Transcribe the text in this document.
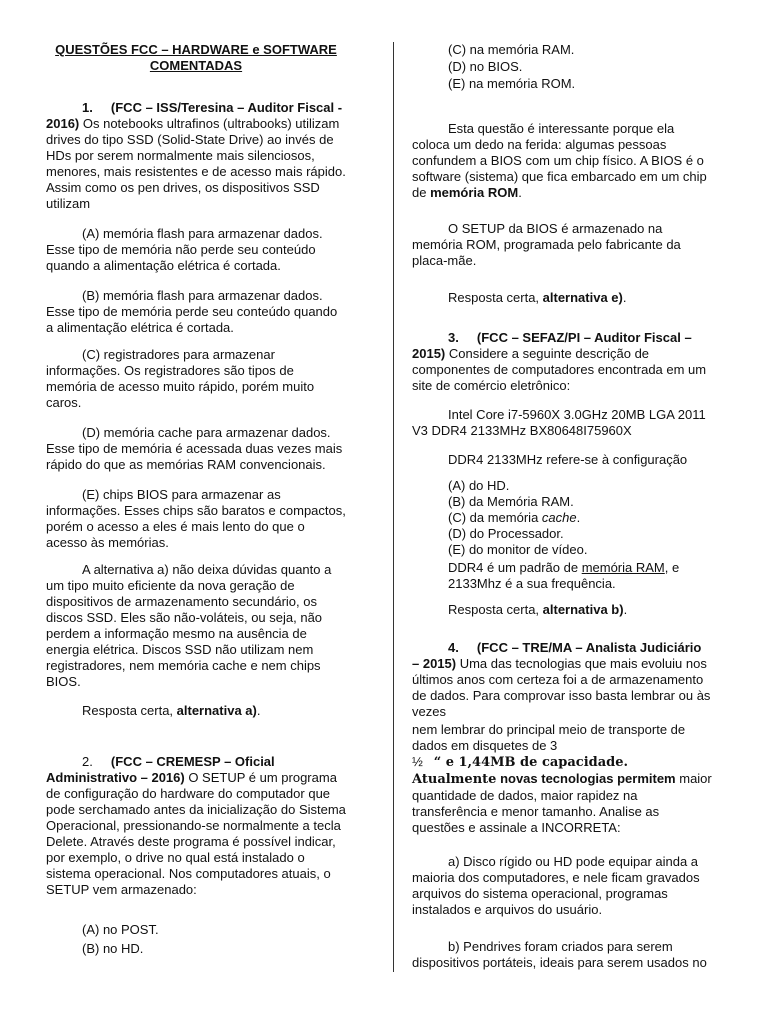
QUESTÕES FCC – HARDWARE e SOFTWARE
COMENTADAS

1. (FCC – ISS/Teresina – Auditor Fiscal - 2016) Os notebooks ultrafinos (ultrabooks) utilizam drives do tipo SSD (Solid-State Drive) ao invés de HDs por serem normalmente mais silenciosos, menores, mais resistentes e de acesso mais rápido. Assim como os pen drives, os dispositivos SSD utilizam

(A) memória flash para armazenar dados. Esse tipo de memória não perde seu conteúdo quando a alimentação elétrica é cortada.

(B) memória flash para armazenar dados. Esse tipo de memória perde seu conteúdo quando a alimentação elétrica é cortada.

(C) registradores para armazenar informações. Os registradores são tipos de memória de acesso muito rápido, porém muito caros.

(D) memória cache para armazenar dados. Esse tipo de memória é acessada duas vezes mais rápido do que as memórias RAM convencionais.

(E) chips BIOS para armazenar as informações. Esses chips são baratos e compactos, porém o acesso a eles é mais lento do que o acesso às memórias.

A alternativa a) não deixa dúvidas quanto a um tipo muito eficiente da nova geração de dispositivos de armazenamento secundário, os discos SSD. Eles são não-voláteis, ou seja, não perdem a informação mesmo na ausência de energia elétrica. Discos SSD não utilizam nem registradores, nem memória cache e nem chips BIOS.

Resposta certa, alternativa a).

2. (FCC – CREMESP – Oficial Administrativo – 2016) O SETUP é um programa de configuração do hardware do computador que pode serchamado antes da inicialização do Sistema Operacional, pressionando-se normalmente a tecla Delete. Através deste programa é possível indicar, por exemplo, o drive no qual está instalado o sistema operacional. Nos computadores atuais, o SETUP vem armazenado:

(A) no POST.

(B) no HD.

(C) na memória RAM.

(D) no BIOS.

(E) na memória ROM.

Esta questão é interessante porque ela coloca um dedo na ferida: algumas pessoas confundem a BIOS com um chip físico. A BIOS é o software (sistema) que fica embarcado em um chip de memória ROM.

O SETUP da BIOS é armazenado na memória ROM, programada pelo fabricante da placa-mãe.

Resposta certa, alternativa e).

3. (FCC – SEFAZ/PI – Auditor Fiscal – 2015) Considere a seguinte descrição de componentes de computadores encontrada em um site de comércio eletrônico:

Intel Core i7-5960X 3.0GHz 20MB LGA 2011 V3 DDR4 2133MHz BX80648I75960X

DDR4 2133MHz refere-se à configuração

(A) do HD.
(B) da Memória RAM.
(C) da memória cache.
(D) do Processador.
(E) do monitor de vídeo.

DDR4 é um padrão de memória RAM, e 2133Mhz é a sua frequência.

Resposta certa, alternativa b).

4. (FCC – TRE/MA – Analista Judiciário – 2015) Uma das tecnologias que mais evoluiu nos últimos anos com certeza foi a de armazenamento de dados. Para comprovar isso basta lembrar ou às vezes

nem lembrar do principal meio de transporte de dados em disquetes de 3

½ “ e 1,44MB de capacidade. Atualmente novas tecnologias permitem maior quantidade de dados, maior rapidez na transferência e menor tamanho. Analise as questões e assinale a INCORRETA:

a) Disco rígido ou HD pode equipar ainda a maioria dos computadores, e nele ficam gravados arquivos do sistema operacional, programas instalados e arquivos do usuário.

b) Pendrives foram criados para serem dispositivos portáteis, ideais para serem usados no
